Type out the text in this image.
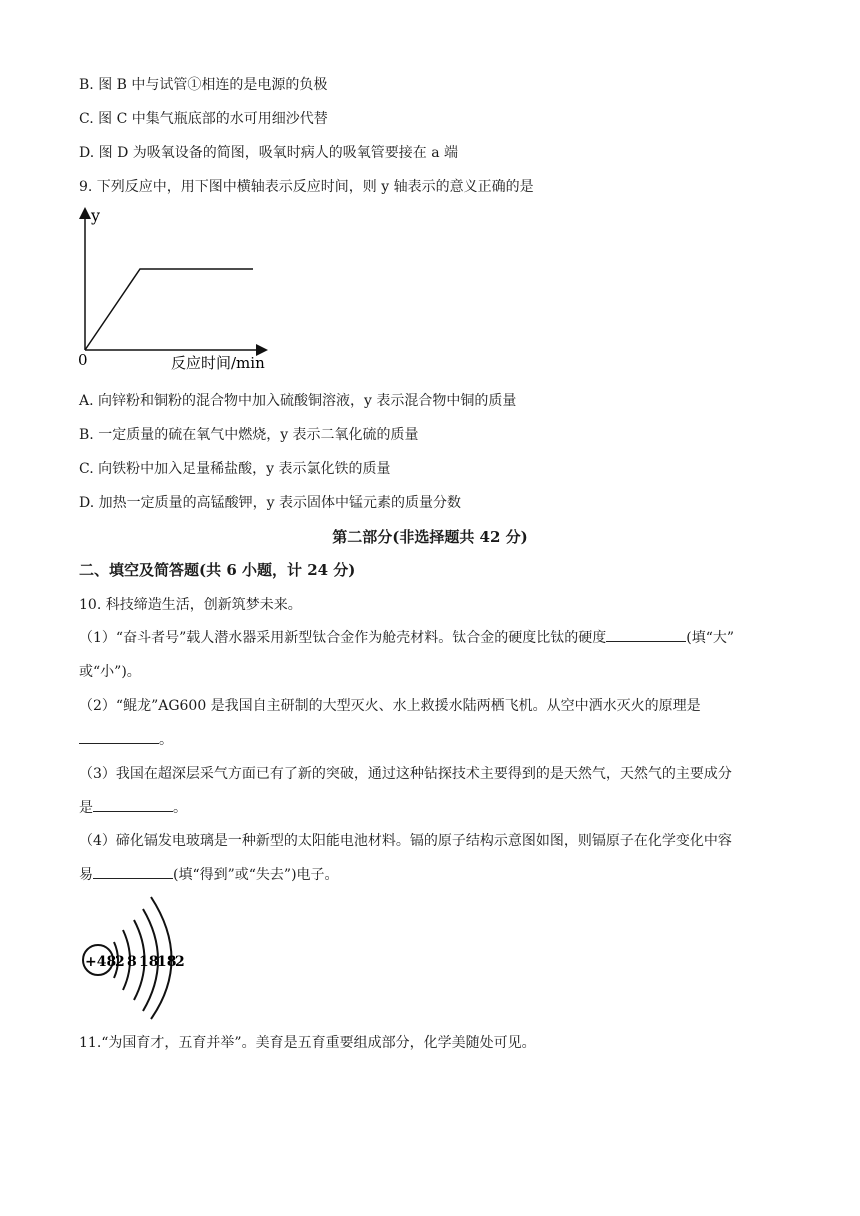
B. 图 B 中与试管①相连的是电源的负极
C. 图 C 中集气瓶底部的水可用细沙代替
D. 图 D 为吸氧设备的简图，吸氧时病人的吸氧管要接在 a 端
9. 下列反应中，用下图中横轴表示反应时间，则 y 轴表示的意义正确的是
y
0	反应时间/min
A. 向锌粉和铜粉的混合物中加入硫酸铜溶液，y 表示混合物中铜的质量
B. 一定质量的硫在氧气中燃烧，y 表示二氧化硫的质量
C. 向铁粉中加入足量稀盐酸，y 表示氯化铁的质量
D. 加热一定质量的高锰酸钾，y 表示固体中锰元素的质量分数
第二部分(非选择题共 42 分)
二、填空及简答题(共 6 小题，计 24 分)
10. 科技缔造生活，创新筑梦未来。
（1）“奋斗者号”载人潜水器采用新型钛合金作为舱壳材料。钛合金的硬度比钛的硬度	(填“大”
或“小”)。
（2）“鲲龙”AG600 是我国自主研制的大型灭火、水上救援水陆两栖飞机。从空中洒水灭火的原理是
。
（3）我国在超深层采气方面已有了新的突破，通过这种钻探技术主要得到的是天然气，天然气的主要成分
是	。
（4）碲化镉发电玻璃是一种新型的太阳能电池材料。镉的原子结构示意图如图，则镉原子在化学变化中容
易	(填“得到”或“失去”)电子。
+48
2 8 18
18
2
11.“为国育才，五育并举”。美育是五育重要组成部分，化学美随处可见。
